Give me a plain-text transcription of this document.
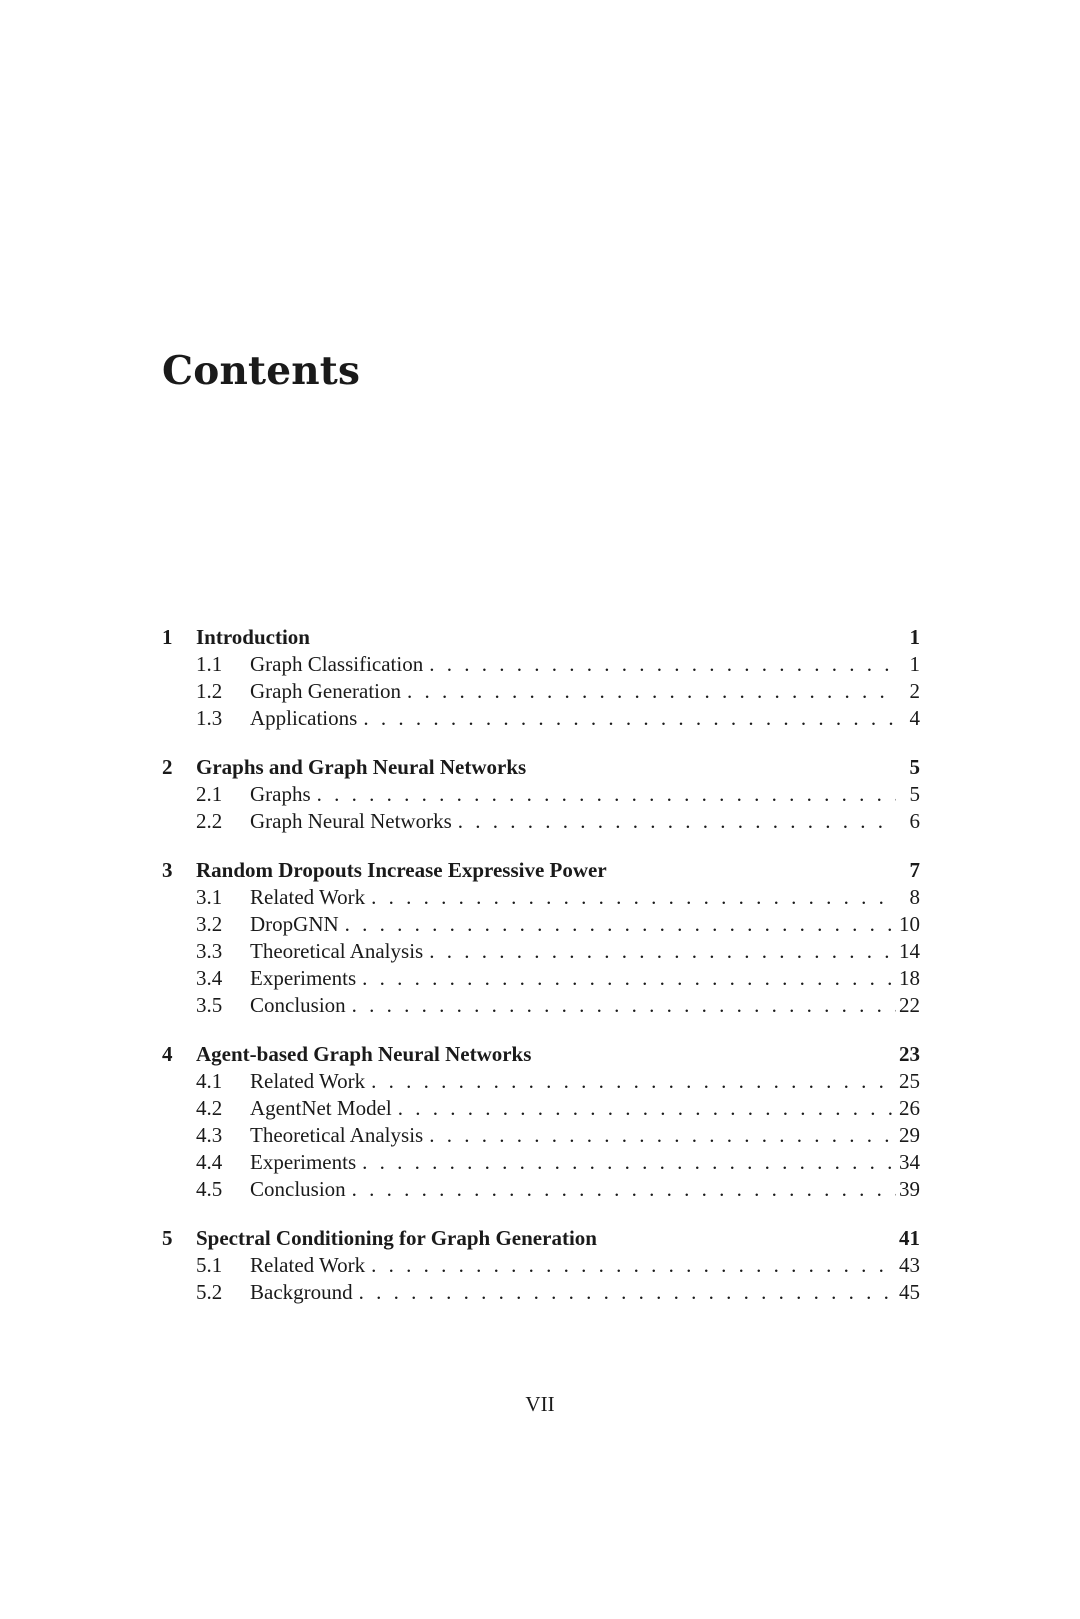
Contents
1	Introduction	1
1.1	Graph Classification . . .	1
1.2	Graph Generation . . .	2
1.3	Applications . . .	4
2	Graphs and Graph Neural Networks	5
2.1	Graphs . . .	5
2.2	Graph Neural Networks . . .	6
3	Random Dropouts Increase Expressive Power	7
3.1	Related Work . . .	8
3.2	DropGNN . . .	10
3.3	Theoretical Analysis . . .	14
3.4	Experiments . . .	18
3.5	Conclusion . . .	22
4	Agent-based Graph Neural Networks	23
4.1	Related Work . . .	25
4.2	AgentNet Model . . .	26
4.3	Theoretical Analysis . . .	29
4.4	Experiments . . .	34
4.5	Conclusion . . .	39
5	Spectral Conditioning for Graph Generation	41
5.1	Related Work . . .	43
5.2	Background . . .	45
VII
